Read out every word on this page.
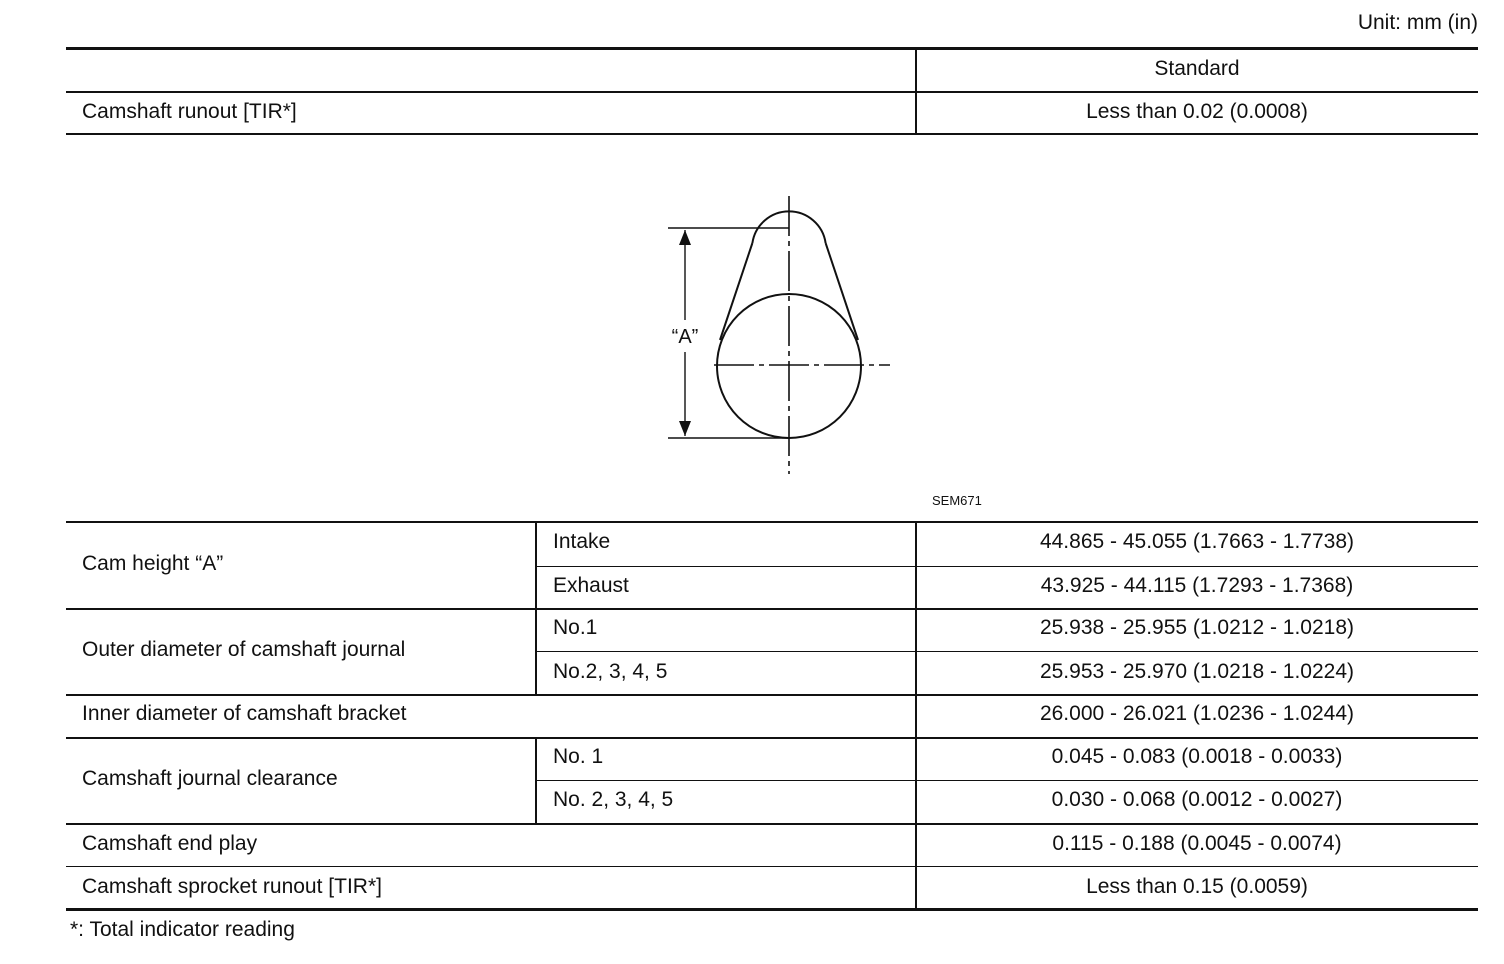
Unit: mm (in)
Standard
Camshaft runout [TIR*]	Less than 0.02 (0.0008)
“A”
SEM671
Cam height “A”
Intake	44.865 - 45.055 (1.7663 - 1.7738)
Exhaust	43.925 - 44.115 (1.7293 - 1.7368)
Outer diameter of camshaft journal
No.1	25.938 - 25.955 (1.0212 - 1.0218)
No.2, 3, 4, 5	25.953 - 25.970 (1.0218 - 1.0224)
Inner diameter of camshaft bracket	26.000 - 26.021 (1.0236 - 1.0244)
Camshaft journal clearance
No. 1	0.045 - 0.083 (0.0018 - 0.0033)
No. 2, 3, 4, 5	0.030 - 0.068 (0.0012 - 0.0027)
Camshaft end play	0.115 - 0.188 (0.0045 - 0.0074)
Camshaft sprocket runout [TIR*]	Less than 0.15 (0.0059)
*: Total indicator reading
